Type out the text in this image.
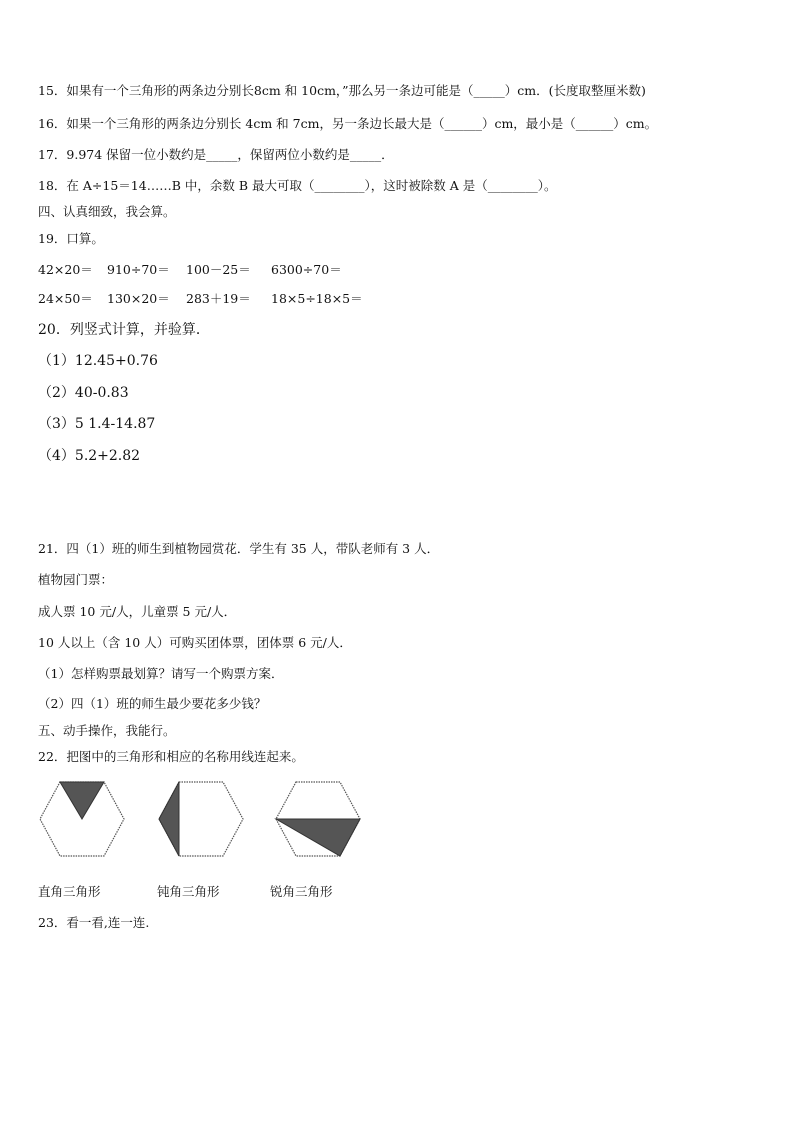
15．如果有一个三角形的两条边分别长8cm 和 10cm，”那么另一条边可能是（_____）cm．(长度取整厘米数)
16．如果一个三角形的两条边分别长 4cm 和 7cm，另一条边长最大是（______）cm，最小是（______）cm。
17．9.974 保留一位小数约是_____，保留两位小数约是_____．
18．在 A÷15＝14……B 中，余数 B 最大可取（________），这时被除数 A 是（________）。
四、认真细致，我会算。
19．口算。
42×20＝ 910÷70＝ 100－25＝ 6300÷70＝
24×50＝ 130×20＝ 283＋19＝ 18×5÷18×5＝
20．列竖式计算，并验算．
（1）12.45+0.76
（2）40-0.83
（3）5 1.4-14.87
（4）5.2+2.82
21．四（1）班的师生到植物园赏花．学生有 35 人，带队老师有 3 人．
植物园门票：
成人票 10 元/人，儿童票 5 元/人．
10 人以上（含 10 人）可购买团体票，团体票 6 元/人．
（1）怎样购票最划算？请写一个购票方案．
（2）四（1）班的师生最少要花多少钱？
五、动手操作，我能行。
22．把图中的三角形和相应的名称用线连起来。
直角三角形	钝角三角形	锐角三角形
23．看一看,连一连.
